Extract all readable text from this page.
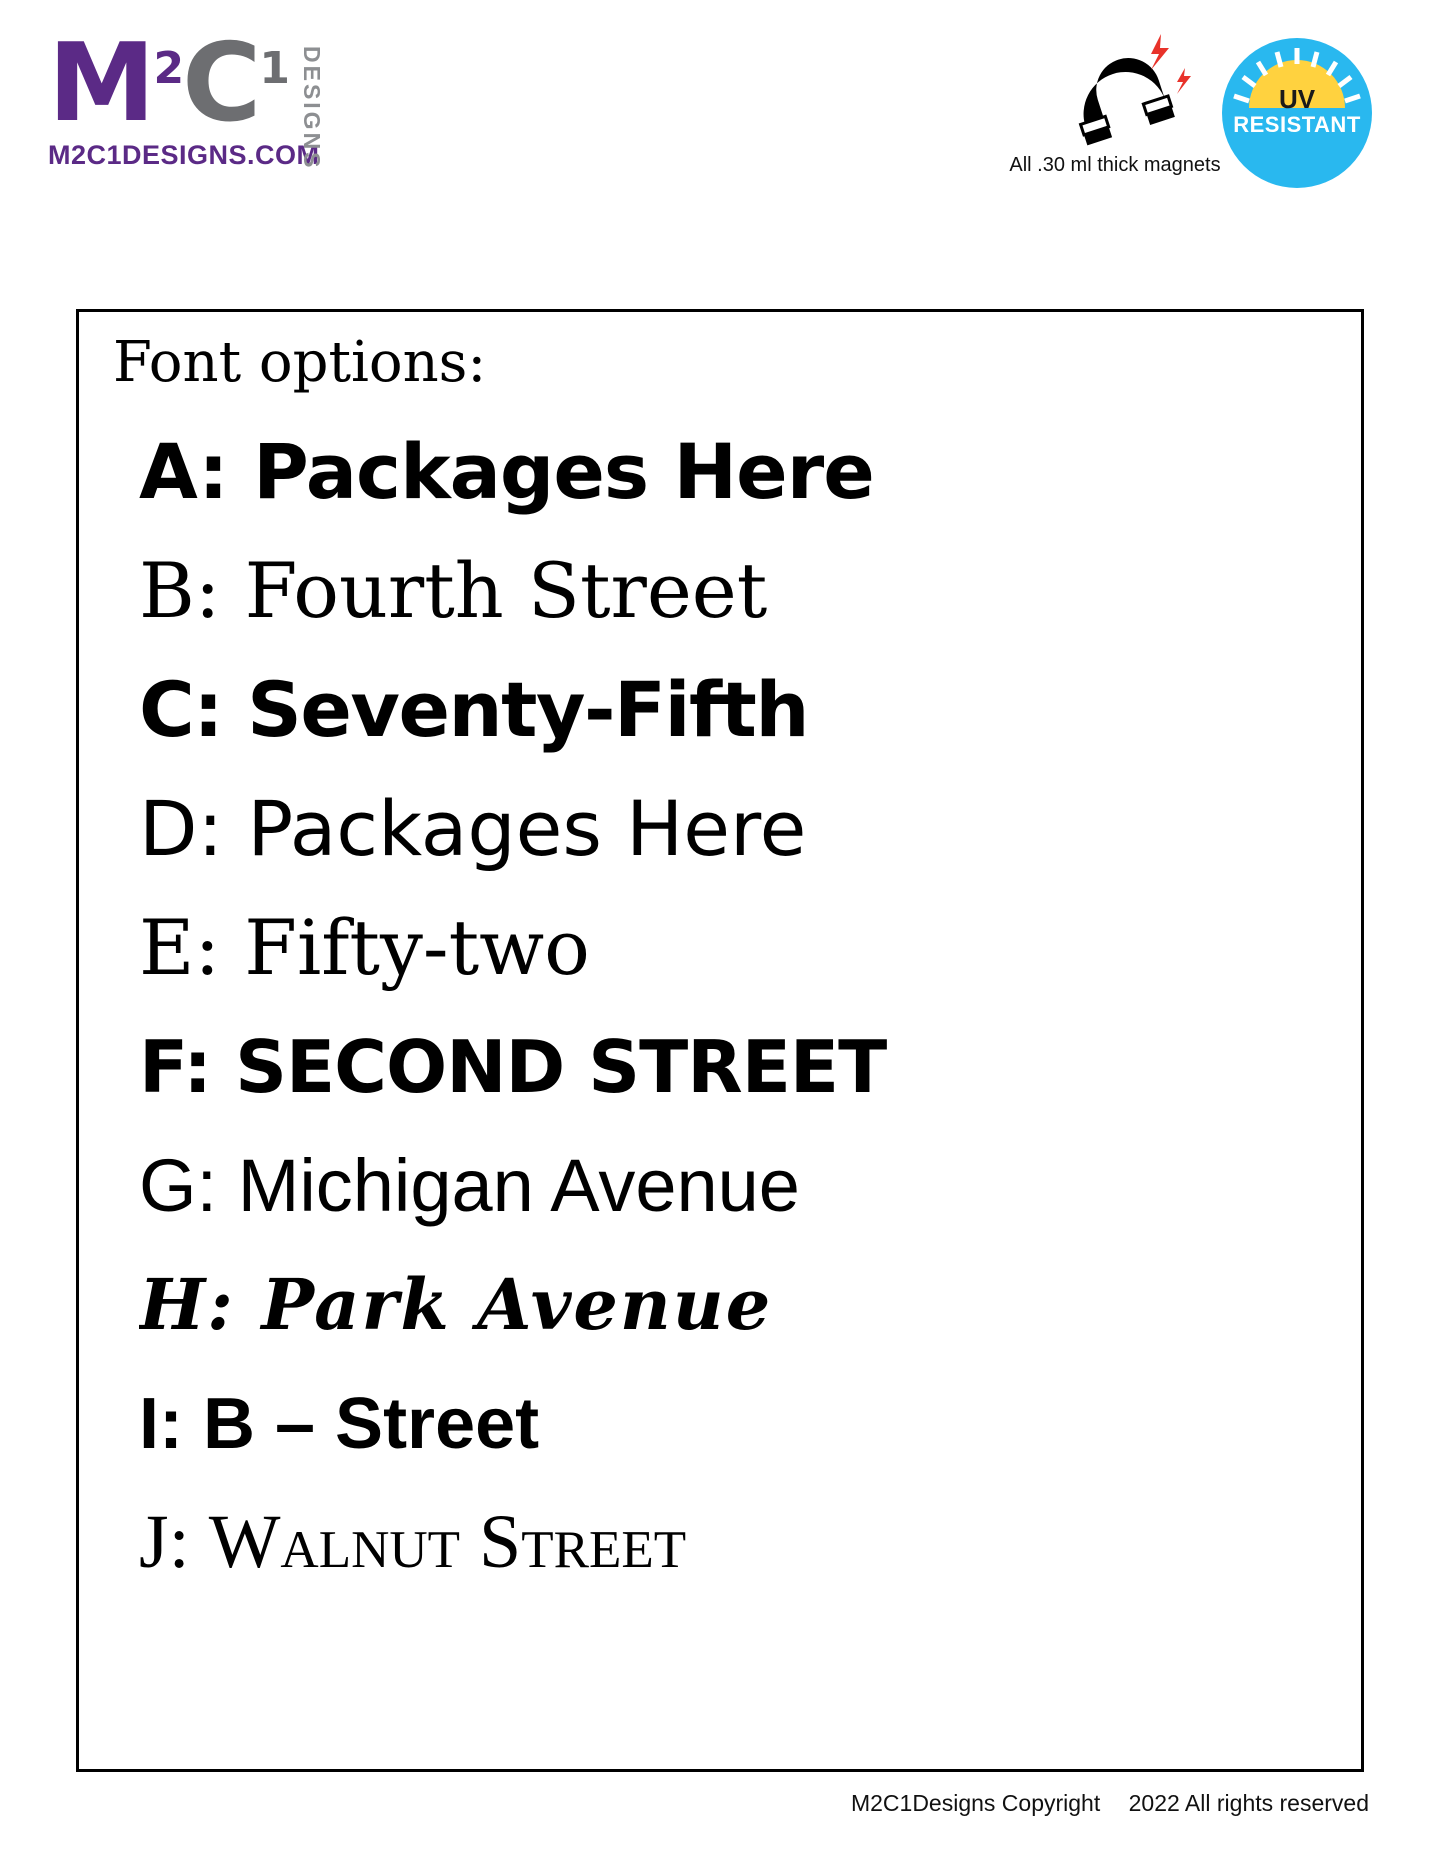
$M^2C^1$ DESIGNS
M2C1DESIGNS.COM	All .30 ml thick magnets
UV
RESISTANT
Font options:
A:
Packages Here
B:
Fourth Street
C:
Seventy-Fifth
D:
Packages Here
E:
Fifty-two
F:
SECOND STREET
G:
Michigan Avenue
H:
Park Avenue
I:
B – Street
J:
Walnut Street
M2C1Designs Copyright 2022 All rights reserved
